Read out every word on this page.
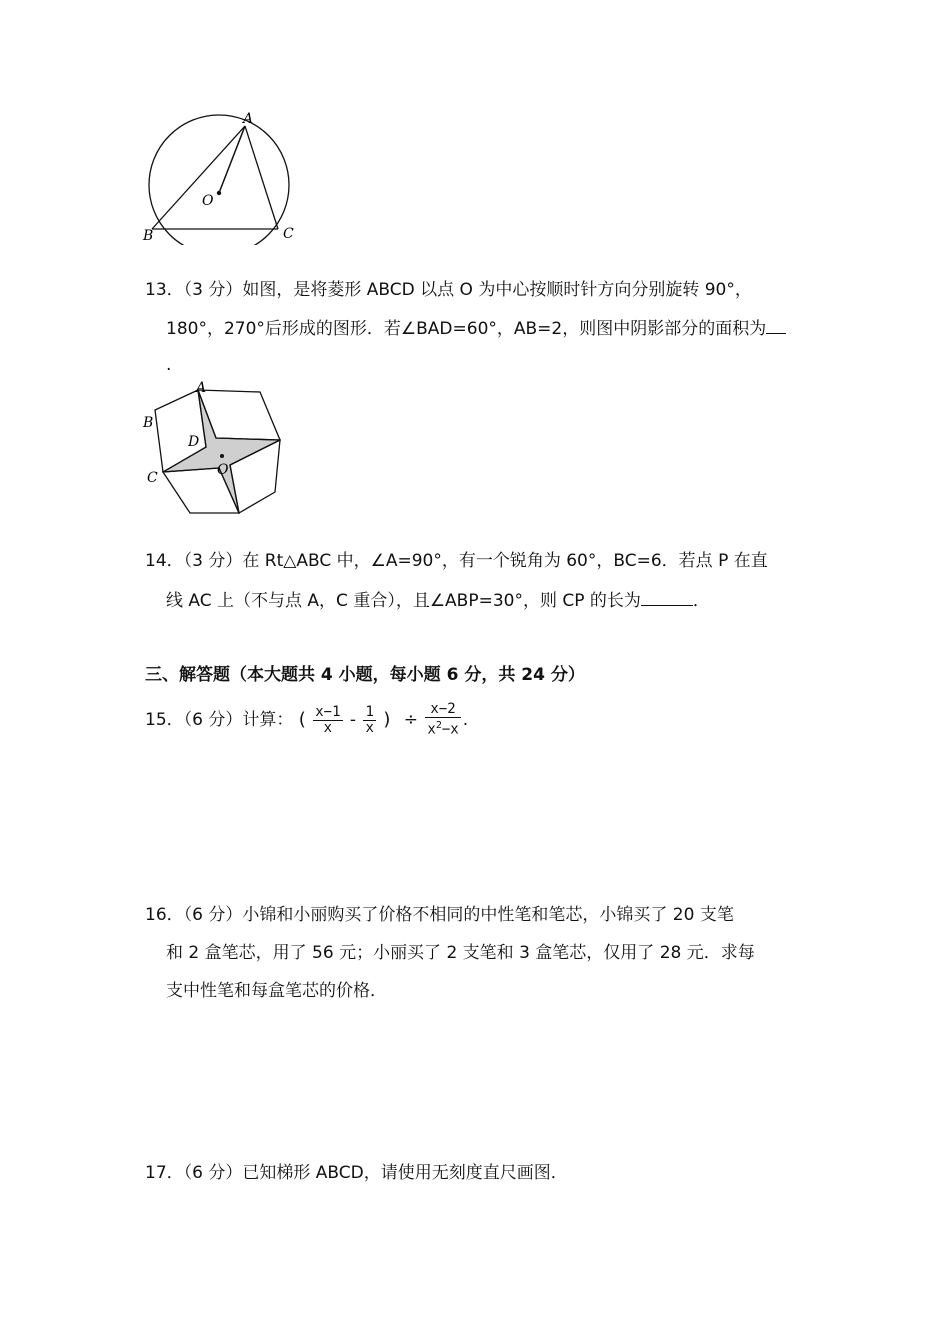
A
B	C
O
13．（3 分）如图，是将菱形 ABCD 以点 O 为中心按顺时针方向分别旋转 90°，
180°，270°后形成的图形．若∠BAD=60°，AB=2，则图中阴影部分的面积为
.
A
B
C
D
O
14．（3 分）在 Rt△ABC 中，∠A=90°，有一个锐角为 60°，BC=6．若点 P 在直
线 AC 上（不与点 A，C 重合），且∠ABP=30°，则 CP 的长为	．
三、解答题（本大题共 4 小题，每小题 6 分，共 24 分）
15．（6 分）计算： ( $\frac{x-1}{x} - \frac{1}{x}$ ) ÷ $\frac{x-2}{x^2-x}$ .
16．（6 分）小锦和小丽购买了价格不相同的中性笔和笔芯，小锦买了 20 支笔
和 2 盒笔芯，用了 56 元；小丽买了 2 支笔和 3 盒笔芯，仅用了 28 元．求每
支中性笔和每盒笔芯的价格．
17．（6 分）已知梯形 ABCD，请使用无刻度直尺画图．
